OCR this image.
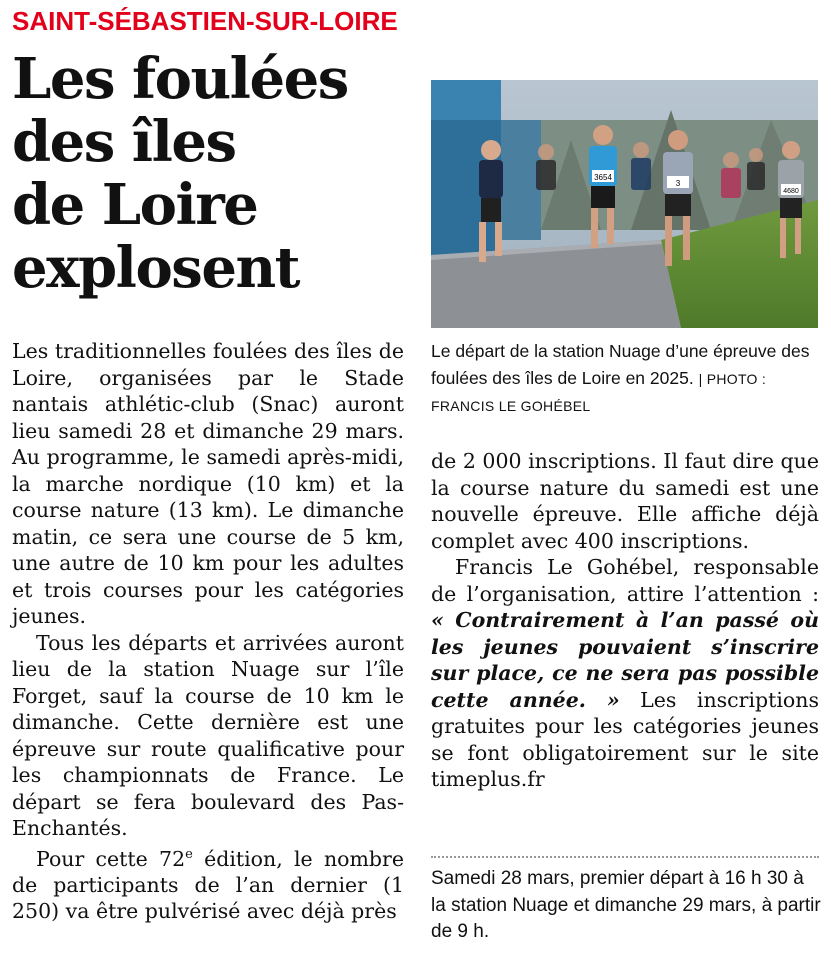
SAINT-SÉBASTIEN-SUR-LOIRE
Les foulées
des îles
de Loire
explosent
3654
3
4680
Le départ de la station Nuage d’une épreuve des foulées des îles de Loire en 2025. | PHOTO : FRANCIS LE GOHÉBEL

Les traditionnelles foulées des îles de Loire, organisées par le Stade nantais athlétic-club (Snac) auront lieu samedi 28 et dimanche 29 mars. Au programme, le samedi après-midi, la marche nordique (10 km) et la course nature (13 km). Le dimanche matin, ce sera une course de 5 km, une autre de 10 km pour les adultes et trois courses pour les catégories jeunes.

Tous les départs et arrivées auront lieu de la station Nuage sur l’île Forget, sauf la course de 10 km le dimanche. Cette dernière est une épreuve sur route qualificative pour les championnats de France. Le départ se fera boulevard des Pas-Enchantés.

Pour cette 72e édition, le nombre de participants de l’an dernier (1 250) va être pulvérisé avec déjà près

de 2 000 inscriptions. Il faut dire que la course nature du samedi est une nouvelle épreuve. Elle affiche déjà complet avec 400 inscriptions.

Francis Le Gohébel, responsable de l’organisation, attire l’attention : « Contrairement à l’an passé où les jeunes pouvaient s’inscrire sur place, ce ne sera pas possible cette année. » Les inscriptions gratuites pour les catégories jeunes se font obligatoirement sur le site timeplus.fr

Samedi 28 mars, premier départ à 16 h 30 à la station Nuage et dimanche 29 mars, à partir de 9 h.
